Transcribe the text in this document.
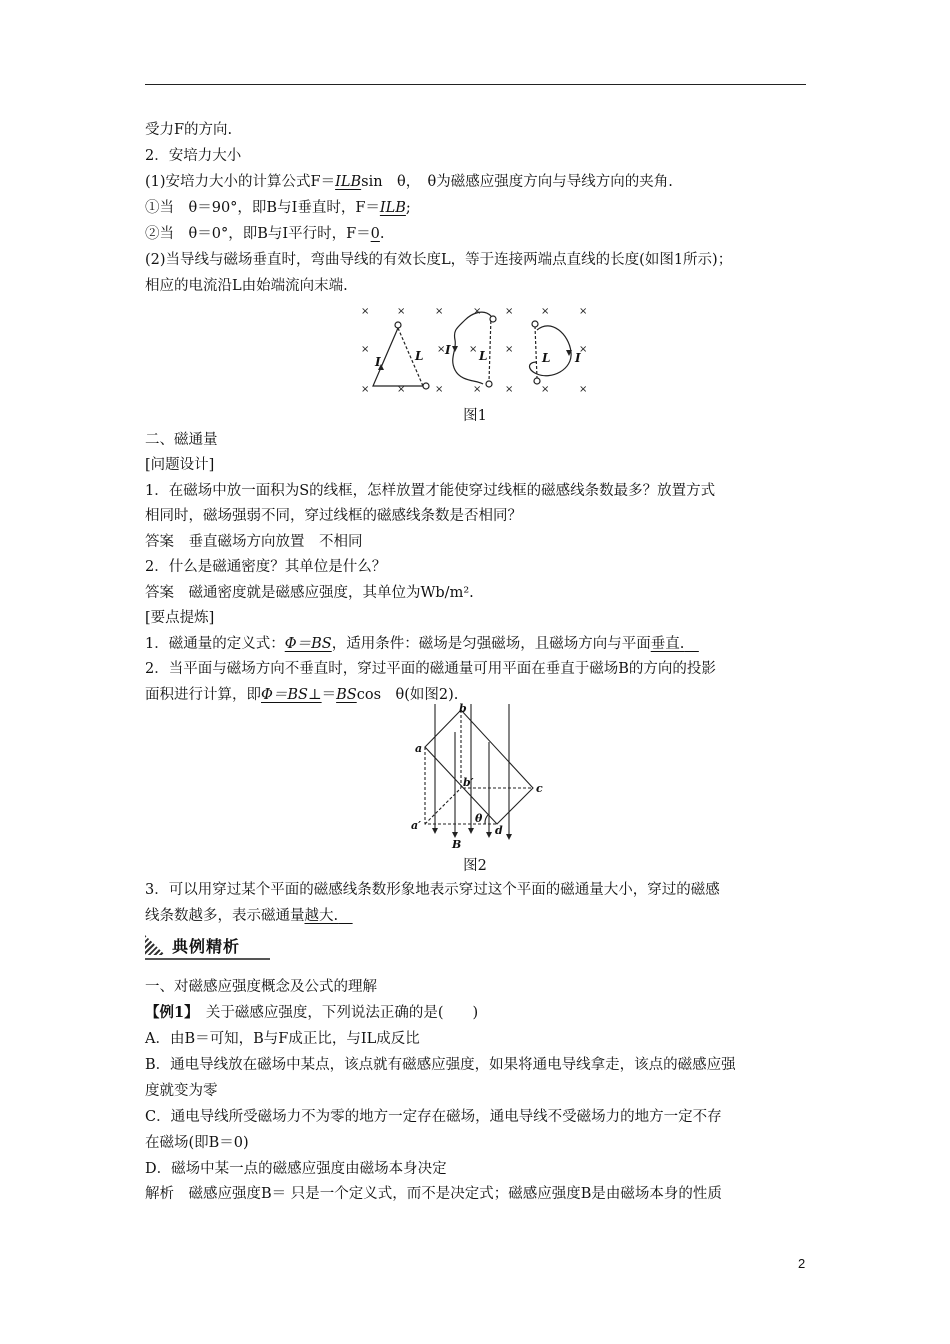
受力F的方向.
2．安培力大小
(1)安培力大小的计算公式F＝ILBsin　θ，　θ为磁感应强度方向与导线方向的夹角.
①当　θ＝90°，即B与I垂直时，F＝ILB;
②当　θ＝0°，即B与I平行时，F＝0.
(2)当导线与磁场垂直时，弯曲导线的有效长度L，等于连接两端点直线的长度(如图1所示)；
相应的电流沿L由始端流向末端.
×	×	×	× ×	×	×
×	× ×	×	×
×	×	×	× ×	×	×
I	L I L	L I
图1
二、磁通量
[问题设计]
1．在磁场中放一面积为S的线框，怎样放置才能使穿过线框的磁感线条数最多？放置方式
相同时，磁场强弱不同，穿过线框的磁感线条数是否相同？
答案　垂直磁场方向放置　不相同
2．什么是磁通密度？其单位是什么？
答案　磁通密度就是磁感应强度，其单位为Wb/m².
[要点提炼]
1．磁通量的定义式：Φ＝BS，适用条件：磁场是匀强磁场，且磁场方向与平面垂直.　
2．当平面与磁场方向不垂直时，穿过平面的磁通量可用平面在垂直于磁场B的方向的投影
面积进行计算，即Φ＝BS⊥＝BScos　θ(如图2).
a
b
c
d
a′
b′
θ
B
图2
3．可以用穿过某个平面的磁感线条数形象地表示穿过这个平面的磁通量大小，穿过的磁感
线条数越多，表示磁通量越大.　
典例精析
一、对磁感应强度概念及公式的理解
【例1】　 关于磁感应强度，下列说法正确的是(　　)
A．由B＝可知，B与F成正比，与IL成反比
B．通电导线放在磁场中某点，该点就有磁感应强度，如果将通电导线拿走，该点的磁感应强
度就变为零
C．通电导线所受磁场力不为零的地方一定存在磁场，通电导线不受磁场力的地方一定不存
在磁场(即B＝0)
D．磁场中某一点的磁感应强度由磁场本身决定
解析　磁感应强度B＝ 只是一个定义式，而不是决定式；磁感应强度B是由磁场本身的性质
2
